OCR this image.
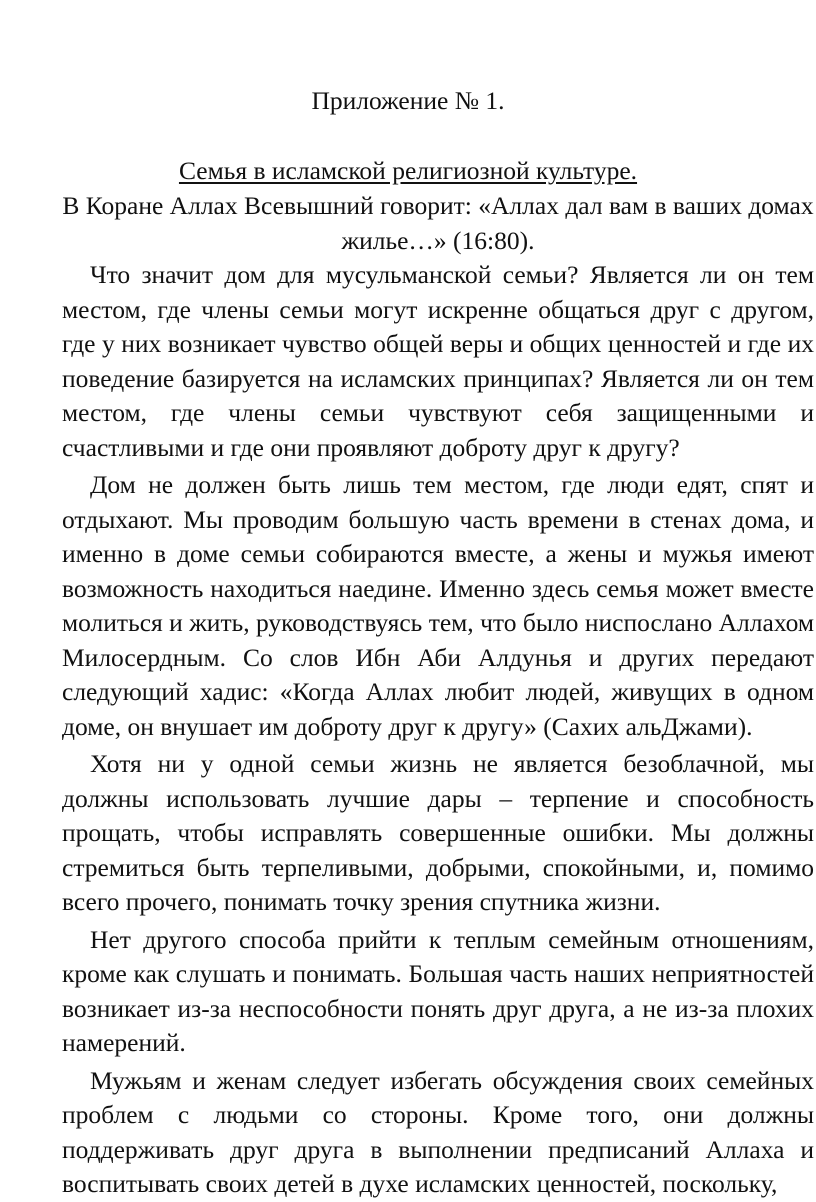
Приложение № 1.
Семья в исламской религиозной культуре.

В Коране Аллах Всевышний говорит: «Аллах дал вам в ваших домах жилье…» (16:80).

Что значит дом для мусульманской семьи? Является ли он тем местом, где члены семьи могут искренне общаться друг с другом, где у них возникает чувство общей веры и общих ценностей и где их поведение базируется на исламских принципах? Является ли он тем местом, где члены семьи чувствуют себя защищенными и счастливыми и где они проявляют доброту друг к другу?

Дом не должен быть лишь тем местом, где люди едят, спят и отдыхают. Мы проводим большую часть времени в стенах дома, и именно в доме семьи собираются вместе, а жены и мужья имеют возможность находиться наедине. Именно здесь семья может вместе молиться и жить, руководствуясь тем, что было ниспослано Аллахом Милосердным. Со слов Ибн Аби Алдунья и других передают следующий хадис: «Когда Аллах любит людей, живущих в одном доме, он внушает им доброту друг к другу» (Сахих альДжами).

Хотя ни у одной семьи жизнь не является безоблачной, мы должны использовать лучшие дары – терпение и способность прощать, чтобы исправлять совершенные ошибки. Мы должны стремиться быть терпеливыми, добрыми, спокойными, и, помимо всего прочего, понимать точку зрения спутника жизни.

Нет другого способа прийти к теплым семейным отношениям, кроме как слушать и понимать. Большая часть наших неприятностей возникает из-за неспособности понять друг друга, а не из-за плохих намерений.

Мужьям и женам следует избегать обсуждения своих семейных проблем с людьми со стороны. Кроме того, они должны поддерживать друг друга в выполнении предписаний Аллаха и воспитывать своих детей в духе исламских ценностей, поскольку,
